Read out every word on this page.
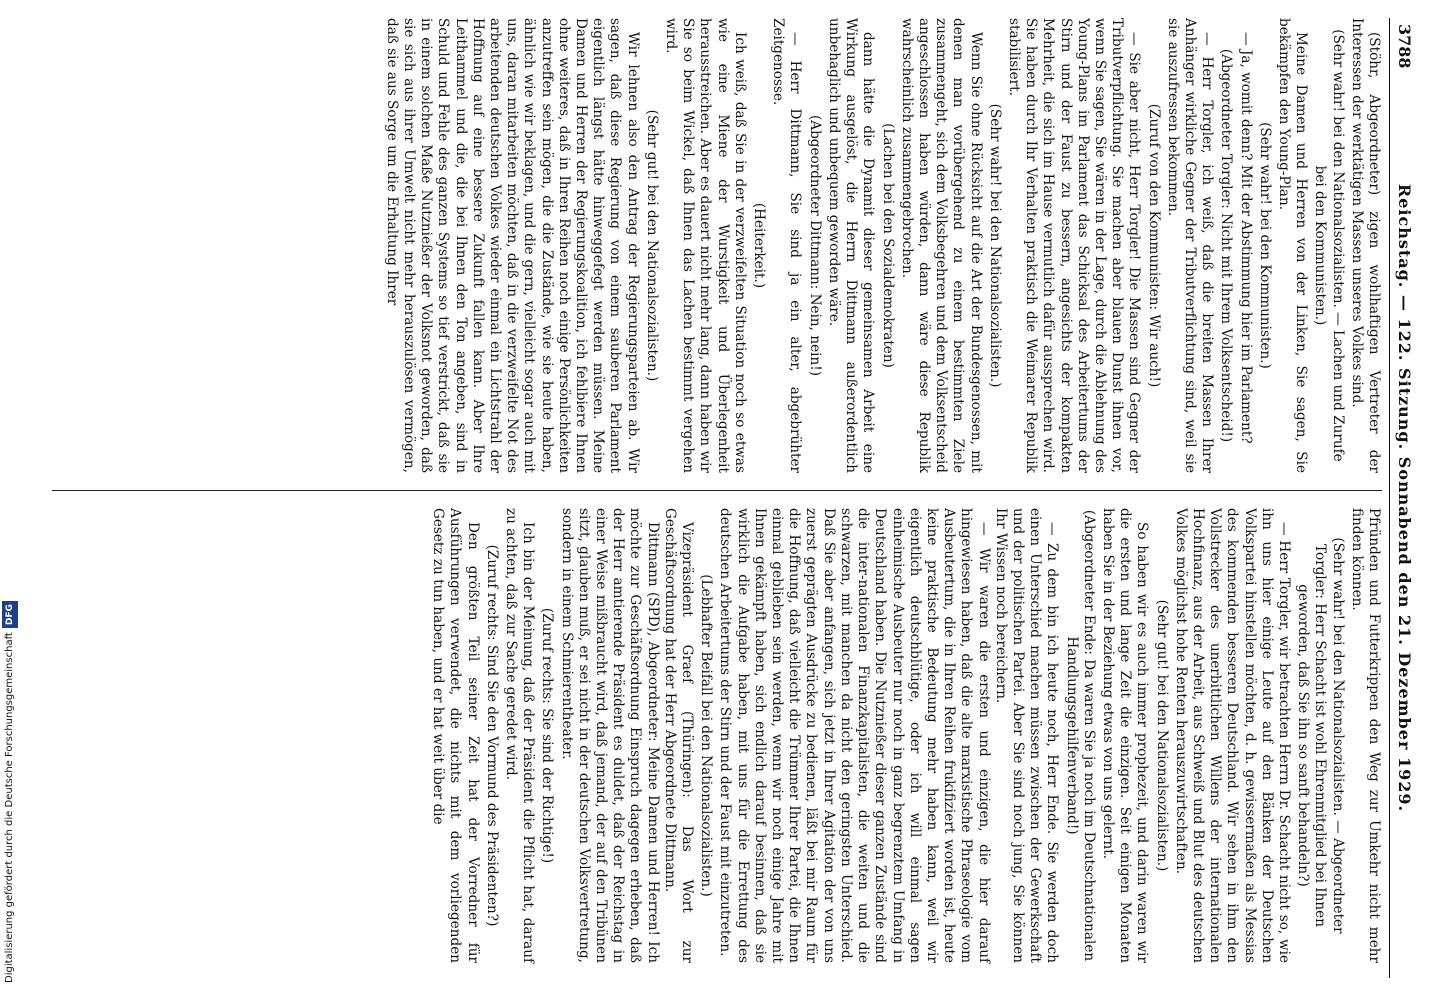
Digitalisierung gefördert durch die Deutsche ForschungsgemeinschaftDFG
3788
Reichstag. — 122. Sitzung. Sonnabend den 21. Dezember 1929.

(Stöhr, Abgeordneter) zigen wohlhaftigen Vertreter der Interessen der werktätigen Massen unseres Volkes sind.

(Sehr wahr! bei den Nationalsozialisten. — Lachen und Zurufe bei den Kommunisten.)

Meine Damen und Herren von der Linken, Sie sagen, Sie bekämpfen den Young-Plan.

(Sehr wahr! bei den Kommunisten.)

— Ja, womit denn? Mit der Abstimmung hier im Parlament?

(Abgeordneter Torgler: Nicht mit Ihrem Volksentscheid!)

— Herr Torgler, ich weiß, daß die breiten Massen Ihrer Anhänger wirkliche Gegner der Tributverflichtung sind, weil sie sie auszufressen bekommen.

(Zuruf von den Kommunisten: Wir auch!)

— Sie aber nicht, Herr Torgler! Die Massen sind Gegner der Tributverpflichtung. Sie machen aber blauen Dunst ihnen vor, wenn Sie sagen, Sie wären in der Lage, durch die Ablehnung des Young-Plans im Parlament das Schicksal des Arbeitertums der Stirn und der Faust zu bessern, angesichts der kompakten Mehrheit, die sich im Hause vermutlich dafür aussprechen wird. Sie haben durch Ihr Verhalten praktisch die Weimarer Republik stabilisiert.

(Sehr wahr! bei den Nationalsozialisten.)

Wenn Sie ohne Rücksicht auf die Art der Bundesgenossen, mit denen man vorübergehend zu einem bestimmten Ziele zusammengeht, sich dem Volksbegehren und dem Volksentscheid angeschlossen haben würden, dann wäre diese Republik wahrscheinlich zusammengebrochen.

(Lachen bei den Sozialdemokraten)

dann hätte die Dynamit dieser gemeinsamen Arbeit eine Wirkung ausgelöst, die Herrn Dittmann außerordentlich unbehaglich und unbequem geworden wäre.

(Abgeordneter Dittmann: Nein, nein!)

— Herr Dittmann, Sie sind ja ein alter, abgebrühter Zeitgenosse.

(Heiterkeit.)

Ich weiß, daß Sie in der verzweifelten Situation noch so etwas wie eine Miene der Wurstigkeit und Überlegenheit herausstreichen. Aber es dauert nicht mehr lang, dann haben wir Sie so beim Wickel, daß Ihnen das Lachen bestimmt vergehen wird.

(Sehr gut! bei den Nationalsozialisten.)

Wir lehnen also den Antrag der Regierungsparteien ab. Wir sagen, daß diese Regierung von einem sauberen Parlament eigentlich längst hätte hinweggefegt werden müssen. Meine Damen und Herren der Regierungskoalition, ich fehlbiere Ihnen ohne weiteres, daß in Ihren Reihen noch einige Persönlichkeiten anzutreffen sein mögen, die die Zustände, wie sie heute haben, ähnlich wie wir beklagen, und die gern, vielleicht sogar auch mit uns, daran mitarbeiten möchten, daß in die verzweifelte Not des arbeitenden deutschen Volkes wieder einmal ein Lichtstrahl der Hoffnung auf eine bessere Zukunft fallen kann. Aber Ihre Leithammel und die, die bei Ihnen den Ton angeben, sind in Schuld und Fehle des ganzen Systems so tief verstrickt, daß sie in einem solchen Maße Nutznießer der Volksnot geworden, daß sie sich aus ihrer Umwelt nicht mehr herauszulösen vermögen, daß sie aus Sorge um die Erhaltung Ihrer

Pfründen und Futterkrippen den Weg zur Umkehr nicht mehr finden können.

(Sehr wahr! bei den Nationalsozialisten. — Abgeordneter Torgler: Herr Schacht ist wohl Ehrenmitglied bei Ihnen geworden, daß Sie ihn so sanft behandeln?)

— Herr Torgler, wir betrachten Herrn Dr. Schacht nicht so, wie ihn uns hier einige Leute auf den Bänken der Deutschen Volkspartei hinstellen möchten, d. h. gewissermaßen als Messias des kommenden besseren Deutschland. Wir sehen in ihm den Vollstrecker des unerbittlichen Willens der internationalen Hochfinanz, aus der Arbeit, aus Schweiß und Blut des deutschen Volkes möglichst hohe Renten herauszuwirtschaften.

(Sehr gut! bei den Nationalsozialisten.)

So haben wir es auch immer prophezeit, und darin waren wir die ersten und lange Zeit die einzigen. Seit einigen Monaten haben Sie in der Beziehung etwas von uns gelernt.

(Abgeordneter Ende: Da waren Sie ja noch im Deutschnationalen Handlungsgehilfenverband!)

— Zu dem bin ich heute noch, Herr Ende. Sie werden doch einen Unterschied machen müssen zwischen der Gewerkschaft und der politischen Partei. Aber Sie sind noch jung, Sie können Ihr Wissen noch bereichern.

— Wir waren die ersten und einzigen, die hier darauf hingewiesen haben, daß die alte marxistische Phraseologie vom Ausbeutertum, die in Ihren Reihen frukifiziert worden ist, heute keine praktische Bedeutung mehr haben kann, weil wir eigentlich deutschblütige, oder ich will einmal sagen einheimische Ausbeuter nur noch in ganz begrenztem Umfang in Deutschland haben. Die Nutznießer dieser ganzen Zustände sind die inter-nationalen Finanzkapitalisten, die weiten und die schwarzen, mit manchen da nicht den geringsten Unterschied. Daß Sie aber anfangen, sich jetzt in Ihrer Agitation der von uns zuerst geprägten Ausdrücke zu bedienen, läßt bei mir Raum für die Hoffnung, daß vielleicht die Trümmer Ihrer Partei, die Ihnen einmal geblieben sein werden, wenn wir noch einige Jahre mit Ihnen gekämpft haben, sich endlich darauf besinnen, daß sie wirklich die Aufgabe haben, mit uns für die Errettung des deutschen Arbeitertums der Stirn und der Faust mit einzutreten.

(Lebhafter Beifall bei den Nationalsozialisten.)

Vizepräsident Graef (Thüringen): Das Wort zur Geschäftsordnung hat der Herr Abgeordnete Dittmann.

Dittmann (SPD), Abgeordneter: Meine Damen und Herren! Ich möchte zur Geschäftsordnung Einspruch dagegen erheben, daß der Herr amtierende Präsident es duldet, daß der Reichstag in einer Weise mißbraucht wird, daß jemand, der auf den Tribünen sitzt, glauben muß, er sei nicht in der deutschen Volksvertretung, sondern in einem Schmierentheater.

(Zuruf rechts: Sie sind der Richtige!)

Ich bin der Meinung, daß der Präsident die Pflicht hat, darauf zu achten, daß zur Sache geredet wird.

(Zuruf rechts: Sind Sie den Vormund des Präsidenten?)

Den größten Teil seiner Zeit hat der Vorredner für Ausführungen verwendet, die nichts mit dem vorliegenden Gesetz zu tun haben, und er hat weit über die
